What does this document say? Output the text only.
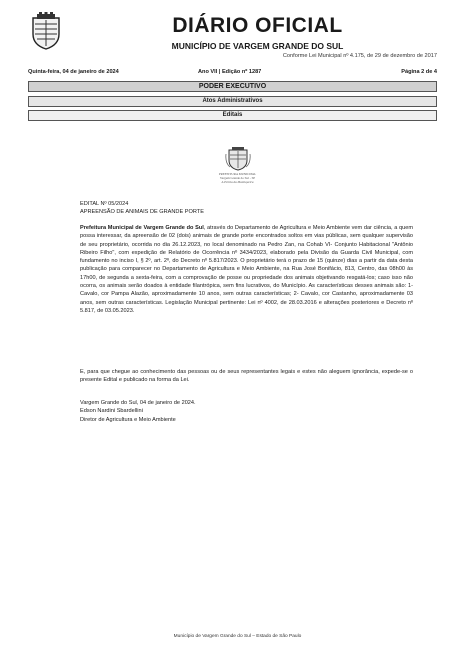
DIÁRIO OFICIAL
MUNICÍPIO DE VARGEM GRANDE DO SUL
Conforme Lei Municipal nº 4.175, de 29 de dezembro de 2017
Quinta-feira, 04 de janeiro de 2024	Ano VII | Edição nº 1287	Página 2 de 4
PODER EXECUTIVO
Atos Administrativos
Editais
PREFEITURA MUNICIPAL
Vargem Grande do Sul - SP
A Pérola da Mantiqueira
EDITAL Nº 05/2024
APREENSÃO DE ANIMAIS DE GRANDE PORTE
Prefeitura Municipal de Vargem Grande do Sul, através do Departamento de Agricultura e Meio Ambiente vem dar ciência, a quem possa interessar, da apreensão de 02 (dois) animais de grande porte encontrados soltos em vias públicas, sem qualquer supervisão de seu proprietário, ocorrida no dia 26.12.2023, no local denominado na Pedro Zan, na Cohab VI- Conjunto Habitacional "Antônio Ribeiro Filho", com expedição de Relatório de Ocorrência nº 3434/2023, elaborado pela Divisão da Guarda Civil Municipal, com fundamento no inciso I, § 2º, art. 2º, do Decreto nº 5.817/2023. O proprietário terá o prazo de 15 (quinze) dias a partir da data desta publicação para comparecer no Departamento de Agricultura e Meio Ambiente, na Rua José Bonifácio, 813, Centro, das 08h00 às 17h00, de segunda a sexta-feira, com a comprovação de posse ou propriedade dos animais objetivando resgatá-los; caso isso não ocorra, os animais serão doados à entidade filantrópica, sem fins lucrativos, do Município. As características desses animais são: 1- Cavalo, cor Pampa Alazão, aproximadamente 10 anos, sem outras características; 2- Cavalo, cor Castanho, aproximadamente 03 anos, sem outras características. Legislação Municipal pertinente: Lei nº 4002, de 28.03.2016 e alterações posteriores e Decreto nº 5.817, de 03.05.2023.
E, para que chegue ao conhecimento das pessoas ou de seus representantes legais e estes não aleguem ignorância, expede-se o presente Edital e publicado na forma da Lei.
Vargem Grande do Sul, 04 de janeiro de 2024.
Edson Nardini Sbardellini
Diretor de Agricultura e Meio Ambiente
Município de Vargem Grande do Sul – Estado de São Paulo
